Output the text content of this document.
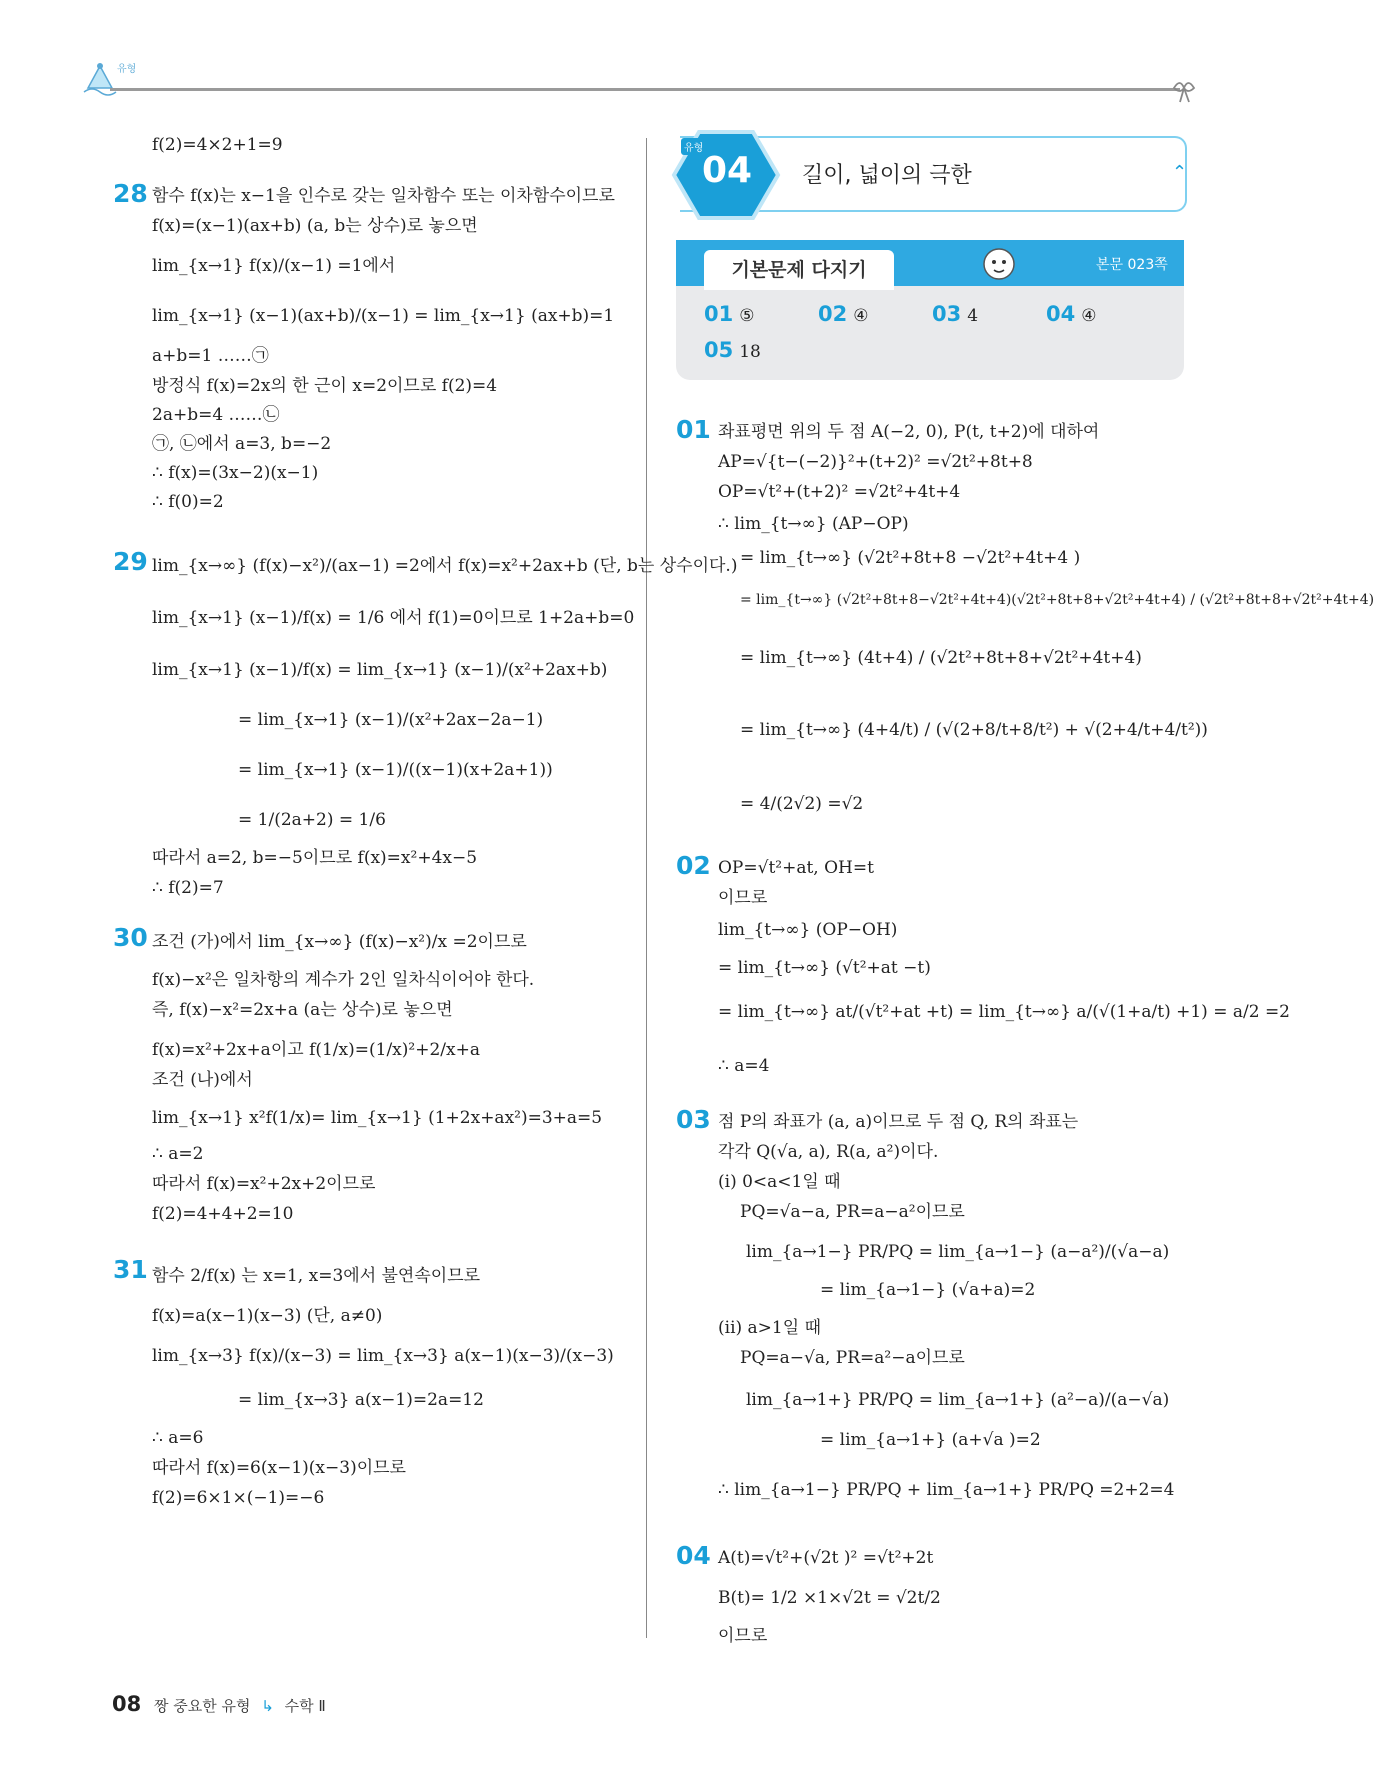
유형
f(2)=4×2+1=9
28 함수 f(x)는 x−1을 인수로 갖는 일차함수 또는 이차함수이므로
f(x)=(x−1)(ax+b) (a, b는 상수)로 놓으면
lim_{x→1} f(x)/(x−1) =1에서
lim_{x→1} (x−1)(ax+b)/(x−1) = lim_{x→1} (ax+b)=1
a+b=1 ……㉠
방정식 f(x)=2x의 한 근이 x=2이므로 f(2)=4
2a+b=4 ……㉡
㉠, ㉡에서 a=3, b=−2
∴ f(x)=(3x−2)(x−1)
∴ f(0)=2
29 lim_{x→∞} (f(x)−x²)/(ax−1) =2에서 f(x)=x²+2ax+b (단, b는 상수이다.)
lim_{x→1} (x−1)/f(x) = 1/6 에서 f(1)=0이므로 1+2a+b=0
lim_{x→1} (x−1)/f(x) = lim_{x→1} (x−1)/(x²+2ax+b)
= lim_{x→1} (x−1)/(x²+2ax−2a−1)
= lim_{x→1} (x−1)/((x−1)(x+2a+1))
= 1/(2a+2) = 1/6
따라서 a=2, b=−5이므로 f(x)=x²+4x−5
∴ f(2)=7
30 조건 (가)에서 lim_{x→∞} (f(x)−x²)/x =2이므로
f(x)−x²은 일차항의 계수가 2인 일차식이어야 한다.
즉, f(x)−x²=2x+a (a는 상수)로 놓으면
f(x)=x²+2x+a이고 f(1/x)=(1/x)²+2/x+a
조건 (나)에서
lim_{x→1} x²f(1/x)= lim_{x→1} (1+2x+ax²)=3+a=5
∴ a=2
따라서 f(x)=x²+2x+2이므로
f(2)=4+4+2=10
31 함수 2/f(x) 는 x=1, x=3에서 불연속이므로
f(x)=a(x−1)(x−3) (단, a≠0)
lim_{x→3} f(x)/(x−3) = lim_{x→3} a(x−1)(x−3)/(x−3)
= lim_{x→3} a(x−1)=2a=12
∴ a=6
따라서 f(x)=6(x−1)(x−3)이므로
f(2)=6×1×(−1)=−6
유형
04 길이, 넓이의 극한	⌃
기본문제 다지기	본문 023쪽
01 ⑤	02 ④	03 4	04 ④
05 18
01 좌표평면 위의 두 점 A(−2, 0), P(t, t+2)에 대하여
AP=√{t−(−2)}²+(t+2)² =√2t²+8t+8
OP=√t²+(t+2)² =√2t²+4t+4
∴ lim_{t→∞} (AP−OP)
= lim_{t→∞} (√2t²+8t+8 −√2t²+4t+4 )
= lim_{t→∞} (√2t²+8t+8−√2t²+4t+4)(√2t²+8t+8+√2t²+4t+4) / (√2t²+8t+8+√2t²+4t+4)
= lim_{t→∞} (4t+4) / (√2t²+8t+8+√2t²+4t+4)
= lim_{t→∞} (4+4/t) / (√(2+8/t+8/t²) + √(2+4/t+4/t²))
= 4/(2√2) =√2
02 OP=√t²+at, OH=t
이므로
lim_{t→∞} (OP−OH)
= lim_{t→∞} (√t²+at −t)
= lim_{t→∞} at/(√t²+at +t) = lim_{t→∞} a/(√(1+a/t) +1) = a/2 =2
∴ a=4
03 점 P의 좌표가 (a, a)이므로 두 점 Q, R의 좌표는
각각 Q(√a, a), R(a, a²)이다.
(i) 0<a<1일 때
PQ=√a−a, PR=a−a²이므로
lim_{a→1−} PR/PQ = lim_{a→1−} (a−a²)/(√a−a)
= lim_{a→1−} (√a+a)=2
(ii) a>1일 때
PQ=a−√a, PR=a²−a이므로
lim_{a→1+} PR/PQ = lim_{a→1+} (a²−a)/(a−√a)
= lim_{a→1+} (a+√a )=2
∴ lim_{a→1−} PR/PQ + lim_{a→1+} PR/PQ =2+2=4
04 A(t)=√t²+(√2t )² =√t²+2t
B(t)= 1/2 ×1×√2t = √2t/2
이므로
08 짱 중요한 유형 ↳ 수학 Ⅱ
